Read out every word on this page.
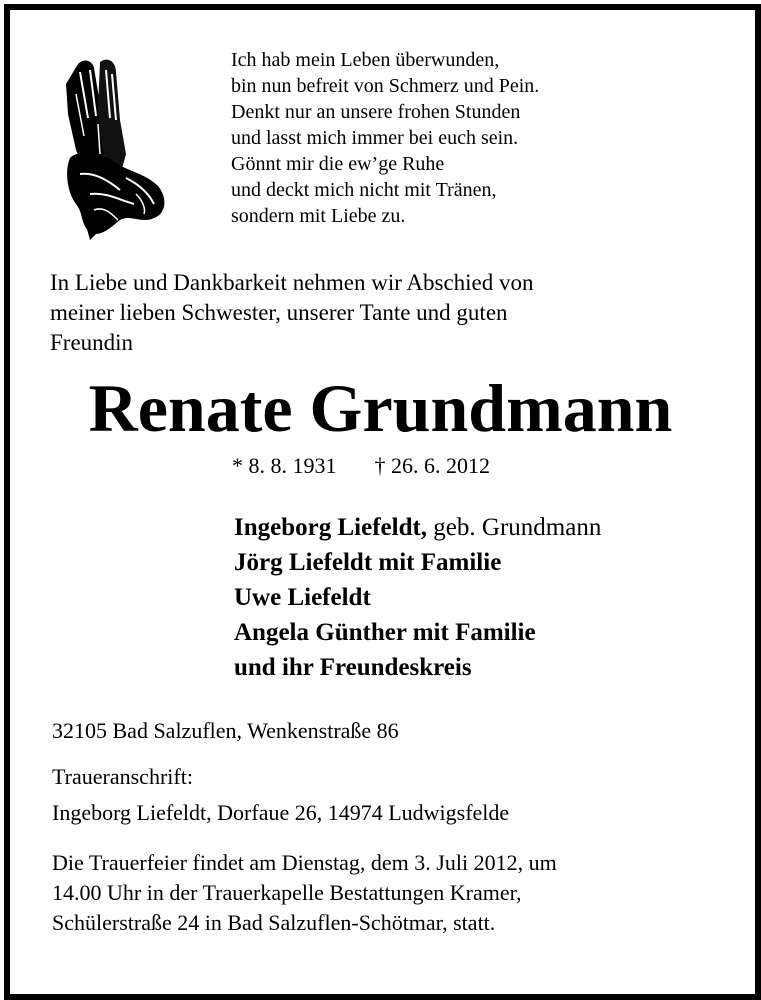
Ich hab mein Leben überwunden,
bin nun befreit von Schmerz und Pein.
Denkt nur an unsere frohen Stunden
und lasst mich immer bei euch sein.
Gönnt mir die ew’ge Ruhe
und deckt mich nicht mit Tränen,
sondern mit Liebe zu.
In Liebe und Dankbarkeit nehmen wir Abschied von
meiner lieben Schwester, unserer Tante und guten
Freundin
Renate Grundmann
* 8. 8. 1931 † 26. 6. 2012
Ingeborg Liefeldt, geb. Grundmann
Jörg Liefeldt mit Familie
Uwe Liefeldt
Angela Günther mit Familie
und ihr Freundeskreis
32105 Bad Salzuflen, Wenkenstraße 86
Traueranschrift:
Ingeborg Liefeldt, Dorfaue 26, 14974 Ludwigsfelde
Die Trauerfeier findet am Dienstag, dem 3. Juli 2012, um
14.00 Uhr in der Trauerkapelle Bestattungen Kramer,
Schülerstraße 24 in Bad Salzuflen-Schötmar, statt.
